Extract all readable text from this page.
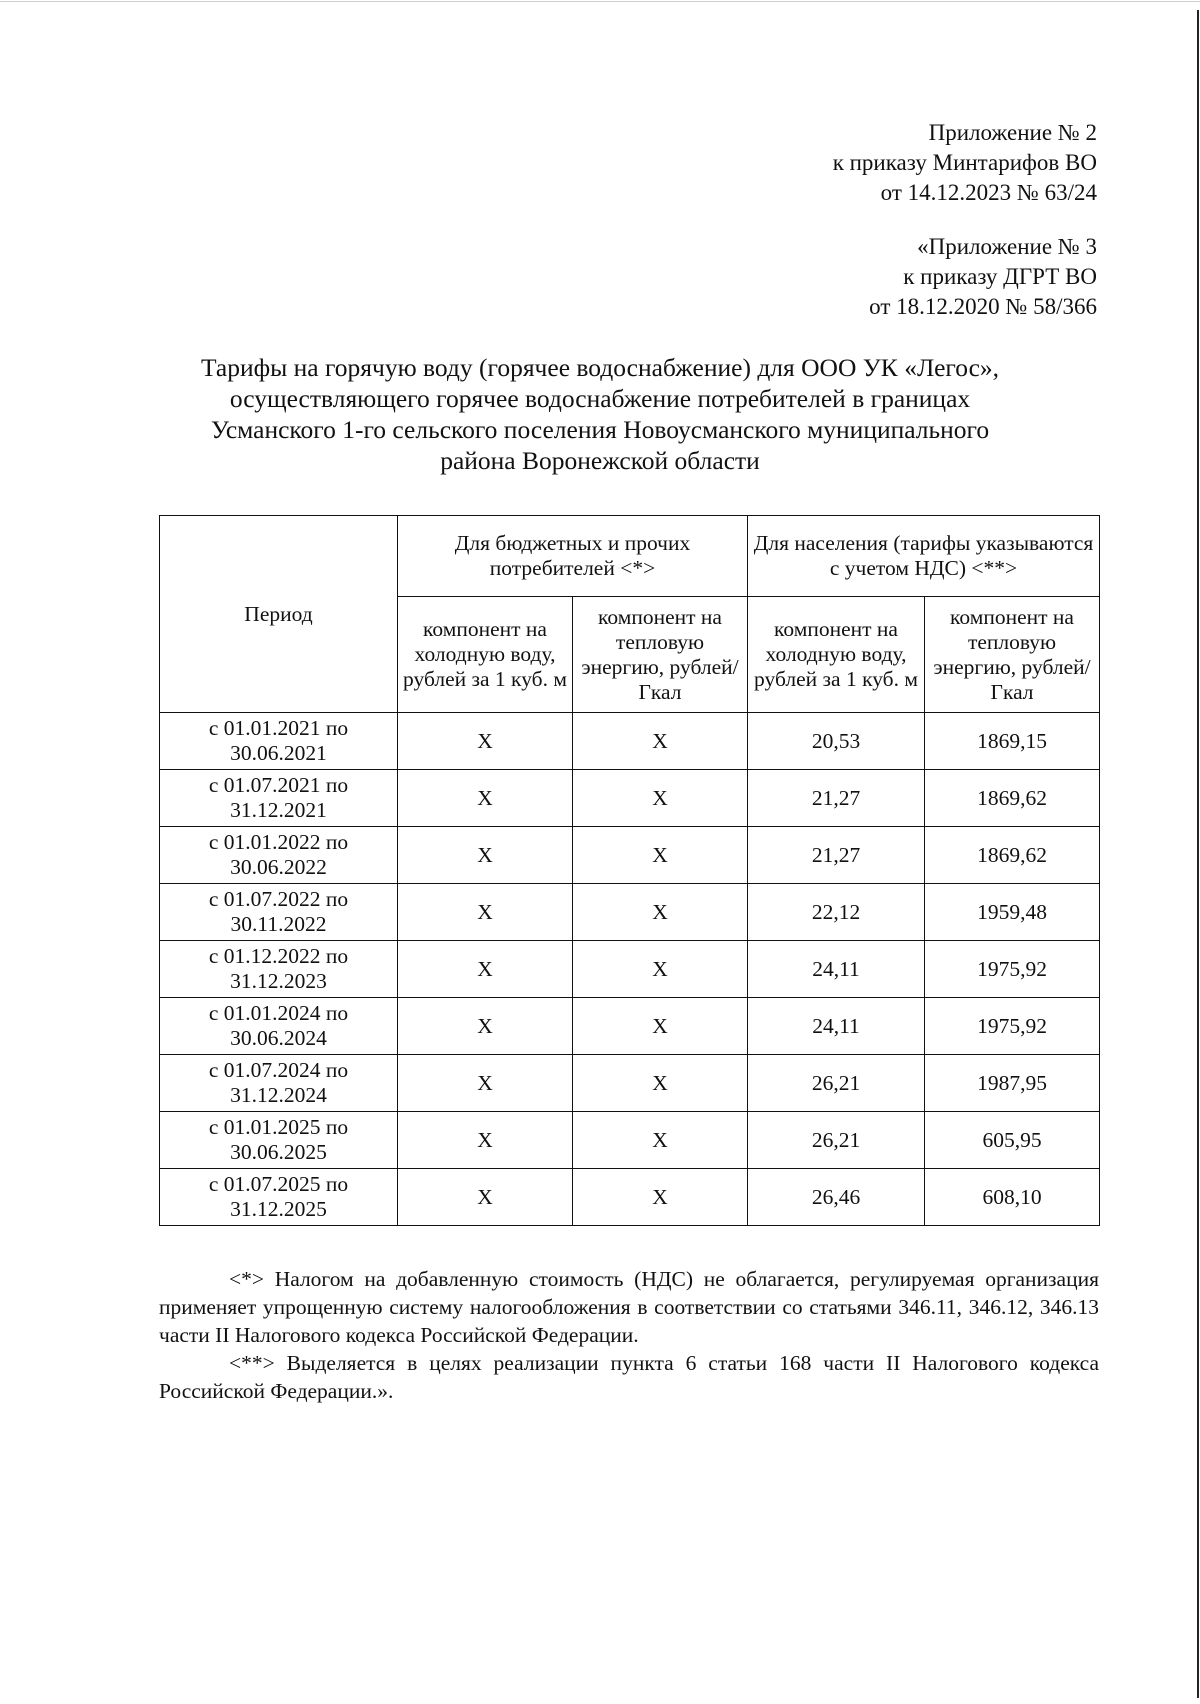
Приложение № 2
к приказу Минтарифов ВО
от 14.12.2023 № 63/24
«Приложение № 3
к приказу ДГРТ ВО
от 18.12.2020 № 58/366
Тарифы на горячую воду (горячее водоснабжение) для ООО УК «Легос»,
осуществляющего горячее водоснабжение потребителей в границах
Усманского 1-го сельского поселения Новоусманского муниципального
района Воронежской области
Период	Для бюджетных и прочих потребителей <*>		Для населения (тарифы указываются с учетом НДС) <**>	
	компонент на холодную воду, рублей за 1 куб. м	компонент на тепловую энергию, рублей/Гкал	компонент на холодную воду, рублей за 1 куб. м	компонент на тепловую энергию, рублей/Гкал

с 01.01.2021 по
30.06.2021	X	X	20,53	1869,15

с 01.07.2021 по
31.12.2021	X	X	21,27	1869,62

с 01.01.2022 по
30.06.2022	X	X	21,27	1869,62

с 01.07.2022 по
30.11.2022	X	X	22,12	1959,48

с 01.12.2022 по
31.12.2023	X	X	24,11	1975,92

с 01.01.2024 по
30.06.2024	X	X	24,11	1975,92

с 01.07.2024 по
31.12.2024	X	X	26,21	1987,95

с 01.01.2025 по
30.06.2025	X	X	26,21	605,95

с 01.07.2025 по
31.12.2025	X	X	26,46	608,10

<*> Налогом на добавленную стоимость (НДС) не облагается, регулируемая организация применяет упрощенную систему налогообложения в соответствии со статьями 346.11, 346.12, 346.13 части II Налогового кодекса Российской Федерации.

<**> Выделяется в целях реализации пункта 6 статьи 168 части II Налогового кодекса Российской Федерации.».
